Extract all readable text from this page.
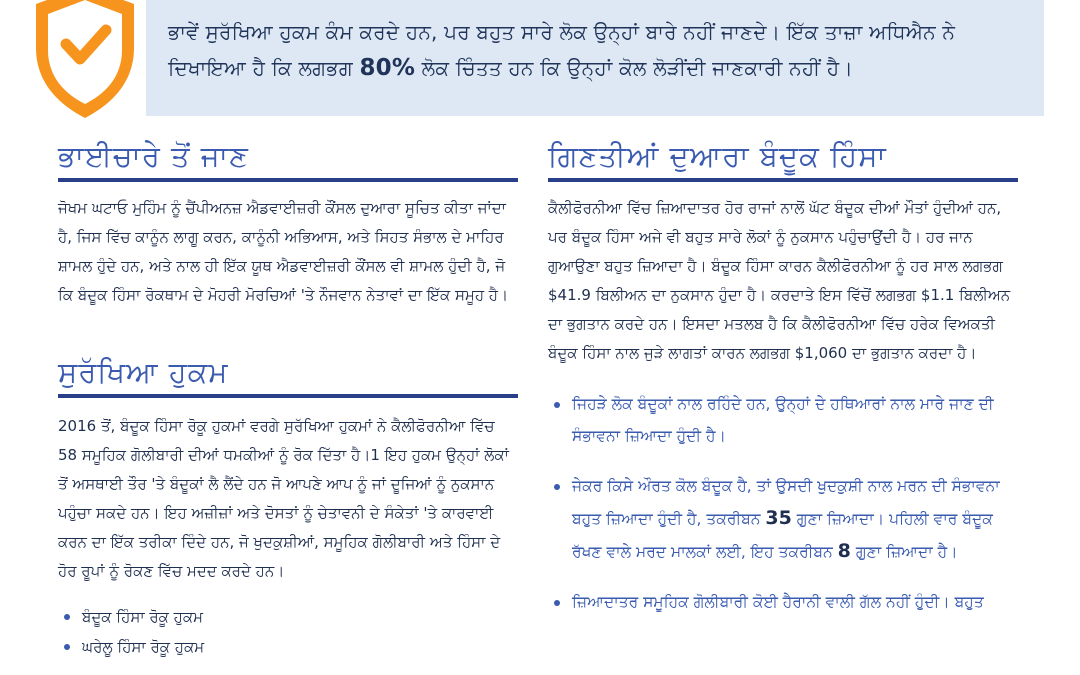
ਭਾਵੇਂ ਸੁਰੱਖਿਆ ਹੁਕਮ ਕੰਮ ਕਰਦੇ ਹਨ, ਪਰ ਬਹੁਤ ਸਾਰੇ ਲੋਕ ਉਨ੍ਹਾਂ ਬਾਰੇ ਨਹੀਂ ਜਾਣਦੇ। ਇੱਕ ਤਾਜ਼ਾ ਅਧਿਐਨ ਨੇ
ਦਿਖਾਇਆ ਹੈ ਕਿ ਲਗਭਗ 80% ਲੋਕ ਚਿੰਤਤ ਹਨ ਕਿ ਉਨ੍ਹਾਂ ਕੋਲ ਲੋੜੀਂਦੀ ਜਾਣਕਾਰੀ ਨਹੀਂ ਹੈ।
ਭਾਈਚਾਰੇ ਤੋਂ ਜਾਣ

ਜੋਖਮ ਘਟਾਓ ਮੁਹਿੰਮ ਨੂੰ ਚੈਂਪੀਅਨਜ਼ ਐਡਵਾਈਜ਼ਰੀ ਕੌਂਸਲ ਦੁਆਰਾ ਸੂਚਿਤ ਕੀਤਾ ਜਾਂਦਾ ਹੈ, ਜਿਸ ਵਿੱਚ ਕਾਨੂੰਨ ਲਾਗੂ ਕਰਨ, ਕਾਨੂੰਨੀ ਅਭਿਆਸ, ਅਤੇ ਸਿਹਤ ਸੰਭਾਲ ਦੇ ਮਾਹਿਰ ਸ਼ਾਮਲ ਹੁੰਦੇ ਹਨ, ਅਤੇ ਨਾਲ ਹੀ ਇੱਕ ਯੂਥ ਐਡਵਾਈਜ਼ਰੀ ਕੌਂਸਲ ਵੀ ਸ਼ਾਮਲ ਹੁੰਦੀ ਹੈ, ਜੋ ਕਿ ਬੰਦੂਕ ਹਿੰਸਾ ਰੋਕਥਾਮ ਦੇ ਮੋਹਰੀ ਮੋਰਚਿਆਂ 'ਤੇ ਨੌਜਵਾਨ ਨੇਤਾਵਾਂ ਦਾ ਇੱਕ ਸਮੂਹ ਹੈ।

ਸੁਰੱਖਿਆ ਹੁਕਮ

2016 ਤੋਂ, ਬੰਦੂਕ ਹਿੰਸਾ ਰੋਕੂ ਹੁਕਮਾਂ ਵਰਗੇ ਸੁਰੱਖਿਆ ਹੁਕਮਾਂ ਨੇ ਕੈਲੀਫੋਰਨੀਆ ਵਿੱਚ 58 ਸਮੂਹਿਕ ਗੋਲੀਬਾਰੀ ਦੀਆਂ ਧਮਕੀਆਂ ਨੂੰ ਰੋਕ ਦਿੱਤਾ ਹੈ।1 ਇਹ ਹੁਕਮ ਉਨ੍ਹਾਂ ਲੋਕਾਂ ਤੋਂ ਅਸਥਾਈ ਤੌਰ 'ਤੇ ਬੰਦੂਕਾਂ ਲੈ ਲੈਂਦੇ ਹਨ ਜੋ ਆਪਣੇ ਆਪ ਨੂੰ ਜਾਂ ਦੂਜਿਆਂ ਨੂੰ ਨੁਕਸਾਨ ਪਹੁੰਚਾ ਸਕਦੇ ਹਨ। ਇਹ ਅਜ਼ੀਜ਼ਾਂ ਅਤੇ ਦੋਸਤਾਂ ਨੂੰ ਚੇਤਾਵਨੀ ਦੇ ਸੰਕੇਤਾਂ 'ਤੇ ਕਾਰਵਾਈ ਕਰਨ ਦਾ ਇੱਕ ਤਰੀਕਾ ਦਿੰਦੇ ਹਨ, ਜੋ ਖੁਦਕੁਸ਼ੀਆਂ, ਸਮੂਹਿਕ ਗੋਲੀਬਾਰੀ ਅਤੇ ਹਿੰਸਾ ਦੇ ਹੋਰ ਰੂਪਾਂ ਨੂੰ ਰੋਕਣ ਵਿੱਚ ਮਦਦ ਕਰਦੇ ਹਨ।

ਬੰਦੂਕ ਹਿੰਸਾ ਰੋਕੂ ਹੁਕਮ
ਘਰੇਲੂ ਹਿੰਸਾ ਰੋਕੂ ਹੁਕਮ
ਗਿਣਤੀਆਂ ਦੁਆਰਾ ਬੰਦੂਕ ਹਿੰਸਾ

ਕੈਲੀਫੋਰਨੀਆ ਵਿੱਚ ਜ਼ਿਆਦਾਤਰ ਹੋਰ ਰਾਜਾਂ ਨਾਲੋਂ ਘੱਟ ਬੰਦੂਕ ਦੀਆਂ ਮੌਤਾਂ ਹੁੰਦੀਆਂ ਹਨ, ਪਰ ਬੰਦੂਕ ਹਿੰਸਾ ਅਜੇ ਵੀ ਬਹੁਤ ਸਾਰੇ ਲੋਕਾਂ ਨੂੰ ਨੁਕਸਾਨ ਪਹੁੰਚਾਉਂਦੀ ਹੈ। ਹਰ ਜਾਨ ਗੁਆਉਣਾ ਬਹੁਤ ਜ਼ਿਆਦਾ ਹੈ। ਬੰਦੂਕ ਹਿੰਸਾ ਕਾਰਨ ਕੈਲੀਫੋਰਨੀਆ ਨੂੰ ਹਰ ਸਾਲ ਲਗਭਗ $41.9 ਬਿਲੀਅਨ ਦਾ ਨੁਕਸਾਨ ਹੁੰਦਾ ਹੈ। ਕਰਦਾਤੇ ਇਸ ਵਿੱਚੋਂ ਲਗਭਗ $1.1 ਬਿਲੀਅਨ ਦਾ ਭੁਗਤਾਨ ਕਰਦੇ ਹਨ। ਇਸਦਾ ਮਤਲਬ ਹੈ ਕਿ ਕੈਲੀਫੋਰਨੀਆ ਵਿੱਚ ਹਰੇਕ ਵਿਅਕਤੀ ਬੰਦੂਕ ਹਿੰਸਾ ਨਾਲ ਜੁੜੇ ਲਾਗਤਾਂ ਕਾਰਨ ਲਗਭਗ $1,060 ਦਾ ਭੁਗਤਾਨ ਕਰਦਾ ਹੈ।

ਜਿਹੜੇ ਲੋਕ ਬੰਦੂਕਾਂ ਨਾਲ ਰਹਿੰਦੇ ਹਨ, ਉਨ੍ਹਾਂ ਦੇ ਹਥਿਆਰਾਂ ਨਾਲ ਮਾਰੇ ਜਾਣ ਦੀ ਸੰਭਾਵਨਾ ਜ਼ਿਆਦਾ ਹੁੰਦੀ ਹੈ।
ਜੇਕਰ ਕਿਸੇ ਔਰਤ ਕੋਲ ਬੰਦੂਕ ਹੈ, ਤਾਂ ਉਸਦੀ ਖੁਦਕੁਸ਼ੀ ਨਾਲ ਮਰਨ ਦੀ ਸੰਭਾਵਨਾ ਬਹੁਤ ਜ਼ਿਆਦਾ ਹੁੰਦੀ ਹੈ, ਤਕਰੀਬਨ 35 ਗੁਣਾ ਜ਼ਿਆਦਾ। ਪਹਿਲੀ ਵਾਰ ਬੰਦੂਕ ਰੱਖਣ ਵਾਲੇ ਮਰਦ ਮਾਲਕਾਂ ਲਈ, ਇਹ ਤਕਰੀਬਨ 8 ਗੁਣਾ ਜ਼ਿਆਦਾ ਹੈ।
ਜ਼ਿਆਦਾਤਰ ਸਮੂਹਿਕ ਗੋਲੀਬਾਰੀ ਕੋਈ ਹੈਰਾਨੀ ਵਾਲੀ ਗੱਲ ਨਹੀਂ ਹੁੰਦੀ। ਬਹੁਤ
